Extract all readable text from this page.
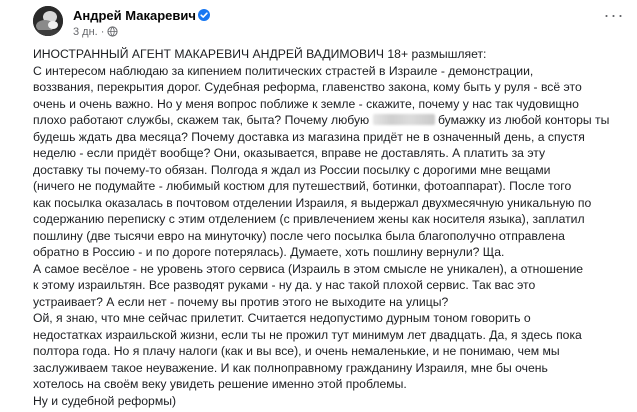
Андрей Макаревич
3 дн. ·
···

ИНОСТРАННЫЙ АГЕНТ МАКАРЕВИЧ АНДРЕЙ ВАДИМОВИЧ 18+ размышляет:

С интересом наблюдаю за кипением политических страстей в Израиле - демонстрации,

воззвания, перекрытия дорог. Судебная реформа, главенство закона, кому быть у руля - всё это

очень и очень важно. Но у меня вопрос поближе к земле - скажите, почему у нас так чудовищно

плохо работают службы, скажем так, быта? Почему любую	бумажку из любой конторы ты

будешь ждать два месяца? Почему доставка из магазина придёт не в означенный день, а спустя

неделю - если придёт вообще? Они, оказывается, вправе не доставлять. А платить за эту

доставку ты почему-то обязан. Полгода я ждал из России посылку с дорогими мне вещами

(ничего не подумайте - любимый костюм для путешествий, ботинки, фотоаппарат). После того

как посылка оказалась в почтовом отделении Израиля, я выдержал двухмесячную уникальную по

содержанию переписку с этим отделением (с привлечением жены как носителя языка), заплатил

пошлину (две тысячи евро на минуточку) после чего посылка была благополучно отправлена

обратно в Россию - и по дороге потерялась). Думаете, хоть пошлину вернули? Щa.

А самое весёлое - не уровень этого сервиса (Израиль в этом смысле не уникален), а отношение

к этому израильтян. Все разводят руками - ну да. у нас такой плохой сервис. Так вас это

устраивает? А если нет - почему вы против этого не выходите на улицы?

Ой, я знаю, что мне сейчас прилетит. Считается недопустимо дурным тоном говорить о

недостатках израильской жизни, если ты не прожил тут минимум лет двадцать. Да, я здесь пока

полтора года. Но я плачу налоги (как и вы все), и очень немаленькие, и не понимаю, чем мы

заслуживаем такое неуважение. И как полноправному гражданину Израиля, мне бы очень

хотелось на своём веку увидеть решение именно этой проблемы.

Ну и судебной реформы)
